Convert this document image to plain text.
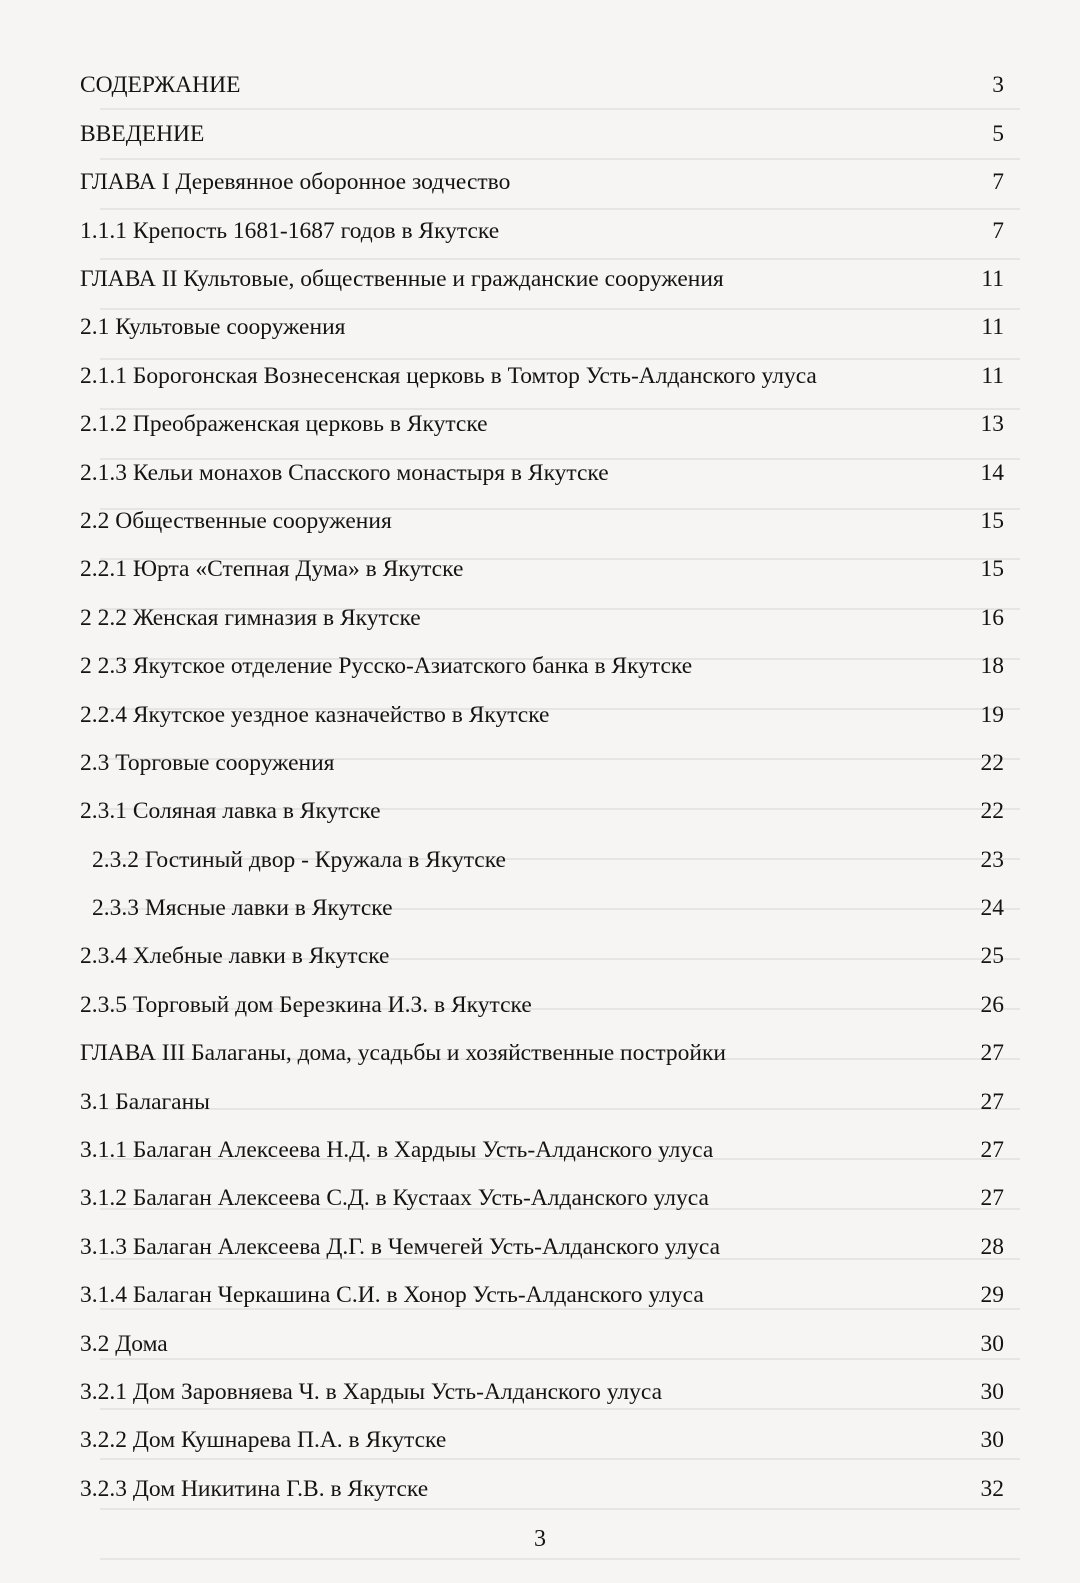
СОДЕРЖАНИЕ	3
ВВЕДЕНИЕ	5
ГЛАВА I Деревянное оборонное зодчество	7
1.1.1 Крепость 1681-1687 годов в Якутске	7
ГЛАВА II Культовые, общественные и гражданские сооружения	11
2.1 Культовые сооружения	11
2.1.1 Борогонская Вознесенская церковь в Томтор Усть-Алданского улуса	11
2.1.2 Преображенская церковь в Якутске	13
2.1.3 Кельи монахов Спасского монастыря в Якутске	14
2.2 Общественные сооружения	15
2.2.1 Юрта «Степная Дума» в Якутске	15
2 2.2 Женская гимназия в Якутске	16
2 2.3 Якутское отделение Русско-Азиатского банка в Якутске	18
2.2.4 Якутское уездное казначейство в Якутске	19
2.3 Торговые сооружения	22
2.3.1 Соляная лавка в Якутске	22
2.3.2 Гостиный двор - Кружала в Якутске	23
2.3.3 Мясные лавки в Якутске	24
2.3.4 Хлебные лавки в Якутске	25
2.3.5 Торговый дом Березкина И.З. в Якутске	26
ГЛАВА III Балаганы, дома, усадьбы и хозяйственные постройки	27
3.1 Балаганы	27
3.1.1 Балаган Алексеева Н.Д. в Хардыы Усть-Алданского улуса	27
3.1.2 Балаган Алексеева С.Д. в Кустаах Усть-Алданского улуса	27
3.1.3 Балаган Алексеева Д.Г. в Чемчегей Усть-Алданского улуса	28
3.1.4 Балаган Черкашина С.И. в Хонор Усть-Алданского улуса	29
3.2 Дома	30
3.2.1 Дом Заровняева Ч. в Хардыы Усть-Алданского улуса	30
3.2.2 Дом Кушнарева П.А. в Якутске	30
3.2.3 Дом Никитина Г.В. в Якутске	32
3
